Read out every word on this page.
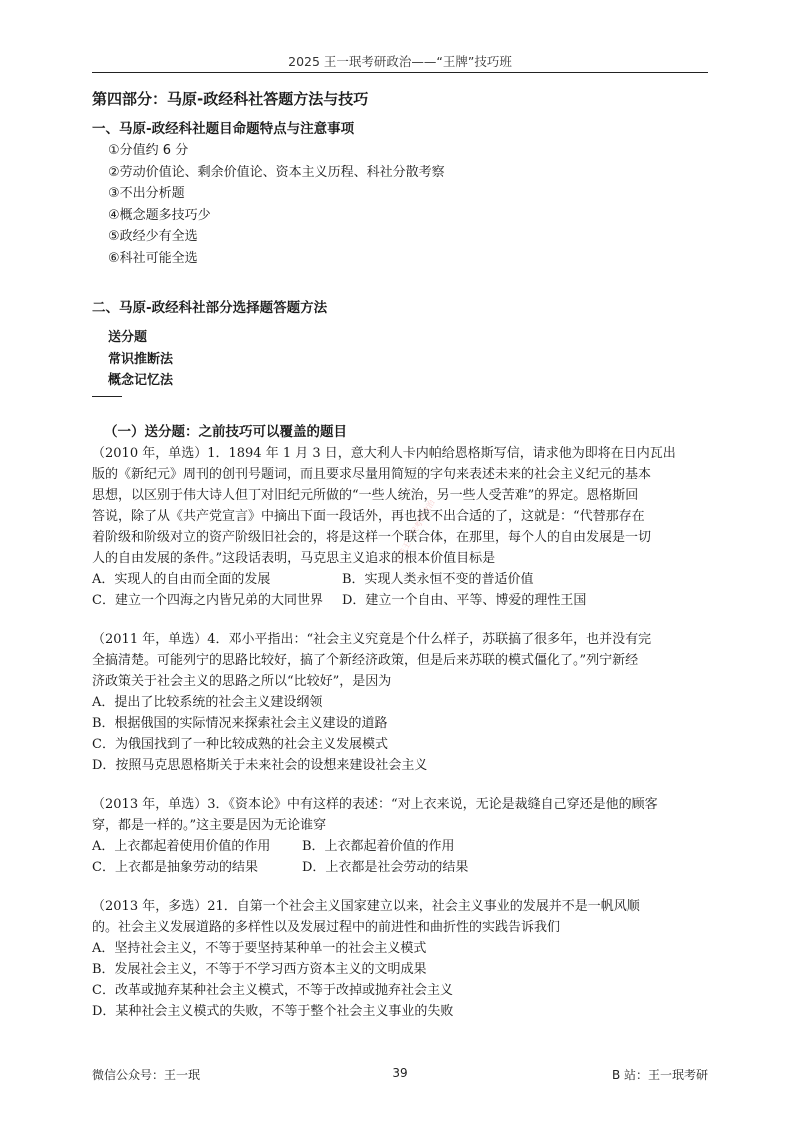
2025 王一珉考研政治——“王牌”技巧班
认准王一珉考研政治
第四部分：马原-政经科社答题方法与技巧
一、马原-政经科社题目命题特点与注意事项
①分值约 6 分
②劳动价值论、剩余价值论、资本主义历程、科社分散考察
③不出分析题
④概念题多技巧少
⑤政经少有全选
⑥科社可能全选
二、马原-政经科社部分选择题答题方法
送分题
常识推断法
概念记忆法
（一）送分题：之前技巧可以覆盖的题目

（2010 年，单选）1．1894 年 1 月 3 日，意大利人卡内帕给恩格斯写信，请求他为即将在日内瓦出

版的《新纪元》周刊的创刊号题词，而且要求尽量用简短的字句来表述未来的社会主义纪元的基本

思想，以区别于伟大诗人但丁对旧纪元所做的“一些人统治，另一些人受苦难”的界定。恩格斯回

答说，除了从《共产党宣言》中摘出下面一段话外，再也找不出合适的了，这就是：“代替那存在

着阶级和阶级对立的资产阶级旧社会的，将是这样一个联合体，在那里，每个人的自由发展是一切

人的自由发展的条件。”这段话表明，马克思主义追求的根本价值目标是

A．实现人的自由而全面的发展	B．实现人类永恒不变的普适价值
C．建立一个四海之内皆兄弟的大同世界	D．建立一个自由、平等、博爱的理性王国

（2011 年，单选）4．邓小平指出：“社会主义究竟是个什么样子，苏联搞了很多年，也并没有完

全搞清楚。可能列宁的思路比较好，搞了个新经济政策，但是后来苏联的模式僵化了。”列宁新经

济政策关于社会主义的思路之所以“比较好”，是因为

A．提出了比较系统的社会主义建设纲领

B．根据俄国的实际情况来探索社会主义建设的道路

C．为俄国找到了一种比较成熟的社会主义发展模式

D．按照马克思恩格斯关于未来社会的设想来建设社会主义

（2013 年，单选）3．《资本论》中有这样的表述：“对上衣来说，无论是裁缝自己穿还是他的顾客

穿，都是一样的。”这主要是因为无论谁穿

A．上衣都起着使用价值的作用	B．上衣都起着价值的作用
C．上衣都是抽象劳动的结果	D．上衣都是社会劳动的结果

（2013 年，多选）21．自第一个社会主义国家建立以来，社会主义事业的发展并不是一帆风顺

的。社会主义发展道路的多样性以及发展过程中的前进性和曲折性的实践告诉我们

A．坚持社会主义，不等于要坚持某种单一的社会主义模式

B．发展社会主义，不等于不学习西方资本主义的文明成果

C．改革或抛弃某种社会主义模式，不等于改掉或抛弃社会主义

D．某种社会主义模式的失败，不等于整个社会主义事业的失败

微信公众号：王一珉	39	B 站：王一珉考研
